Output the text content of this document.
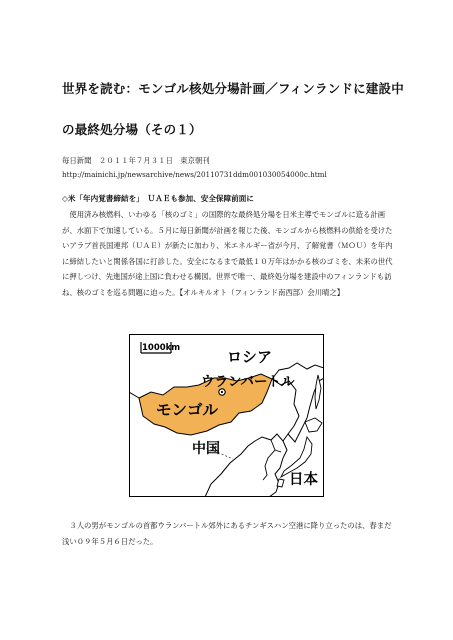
世界を読む：モンゴル核処分場計画／フィンランドに建設中
の最終処分場（その１）
毎日新聞　２０１１年７月３１日　東京朝刊
http://mainichi.jp/newsarchive/news/20110731ddm001030054000c.html
◇米「年内覚書締結を」　ＵＡＥも参加、安全保障前面に
　使用済み核燃料、いわゆる「核のゴミ」の国際的な最終処分場を日米主導でモンゴルに造る計画が、水面下で加速している。５月に毎日新聞が計画を報じた後、モンゴルから核燃料の供給を受けたいアラブ首長国連邦（ＵＡＥ）が新たに加わり、米エネルギー省が今月、了解覚書（ＭＯＵ）を年内に締結したいと関係各国に打診した。安全になるまで最低１０万年はかかる核のゴミを、未来の世代に押しつけ、先進国が途上国に負わせる構図。世界で唯一、最終処分場を建設中のフィンランドも訪ね、核のゴミを巡る問題に迫った。【オルキルオト（フィンランド南西部）会川晴之】
1000km	ロシア
ウランバートル
モンゴル
中国
日本
　３人の男がモンゴルの首都ウランバートル郊外にあるチンギスハン空港に降り立ったのは、春まだ浅い０９年５月６日だった。
